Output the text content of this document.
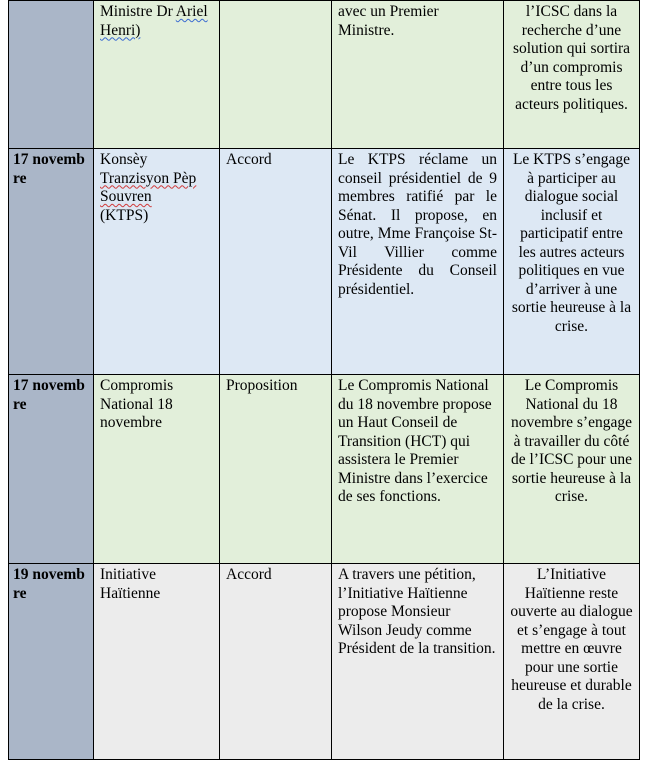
	Ministre Dr Ariel Henri)		avec un Premier Ministre.	l’ICSC dans la recherche d’une solution qui sortira d’un compromis entre tous les acteurs politiques.
17 novembre	Konsèy
Tranzisyon Pèp
Souvren
(KTPS)	Accord	Le KTPS réclame un conseil présidentiel de 9 membres ratifié par le Sénat. Il propose, en outre, Mme Françoise St-Vil Villier comme Présidente du Conseil présidentiel.	Le KTPS s’engage à participer au dialogue social inclusif et participatif entre les autres acteurs politiques en vue d’arriver à une sortie heureuse à la crise.
17 novembre	Compromis National 18 novembre	Proposition	Le Compromis National du 18 novembre propose un Haut Conseil de Transition (HCT) qui assistera le Premier Ministre dans l’exercice de ses fonctions.	Le Compromis National du 18 novembre s’engage à travailler du côté de l’ICSC pour une sortie heureuse à la crise.
19 novembre	Initiative Haïtienne	Accord	A travers une pétition, l’Initiative Haïtienne propose Monsieur Wilson Jeudy comme Président de la transition.	L’Initiative Haïtienne reste ouverte au dialogue et s’engage à tout mettre en œuvre pour une sortie heureuse et durable de la crise.
